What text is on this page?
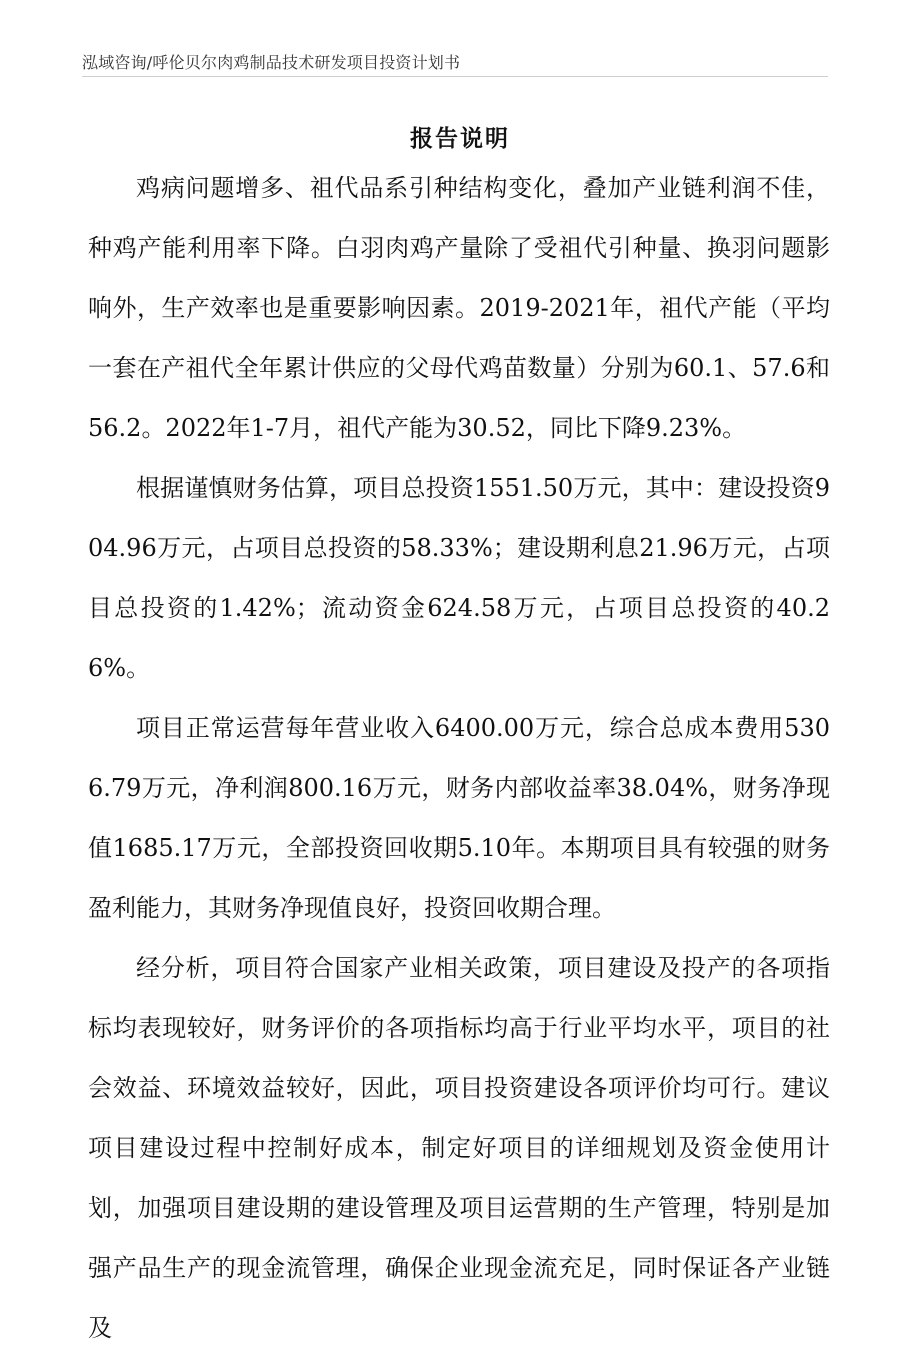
泓域咨询/呼伦贝尔肉鸡制品技术研发项目投资计划书
报告说明

鸡病问题增多、祖代品系引种结构变化，叠加产业链利润不佳，种鸡产能利用率下降。白羽肉鸡产量除了受祖代引种量、换羽问题影响外，生产效率也是重要影响因素。2019-2021年，祖代产能（平均一套在产祖代全年累计供应的父母代鸡苗数量）分别为60.1、57.6和56.2。2022年1-7月，祖代产能为30.52，同比下降9.23%。

根据谨慎财务估算，项目总投资1551.50万元，其中：建设投资904.96万元，占项目总投资的58.33%；建设期利息21.96万元，占项目总投资的1.42%；流动资金624.58万元，占项目总投资的40.26%。

项目正常运营每年营业收入6400.00万元，综合总成本费用5306.79万元，净利润800.16万元，财务内部收益率38.04%，财务净现值1685.17万元，全部投资回收期5.10年。本期项目具有较强的财务盈利能力，其财务净现值良好，投资回收期合理。

经分析，项目符合国家产业相关政策，项目建设及投产的各项指标均表现较好，财务评价的各项指标均高于行业平均水平，项目的社会效益、环境效益较好，因此，项目投资建设各项评价均可行。建议项目建设过程中控制好成本，制定好项目的详细规划及资金使用计划，加强项目建设期的建设管理及项目运营期的生产管理，特别是加强产品生产的现金流管理，确保企业现金流充足，同时保证各产业链及
